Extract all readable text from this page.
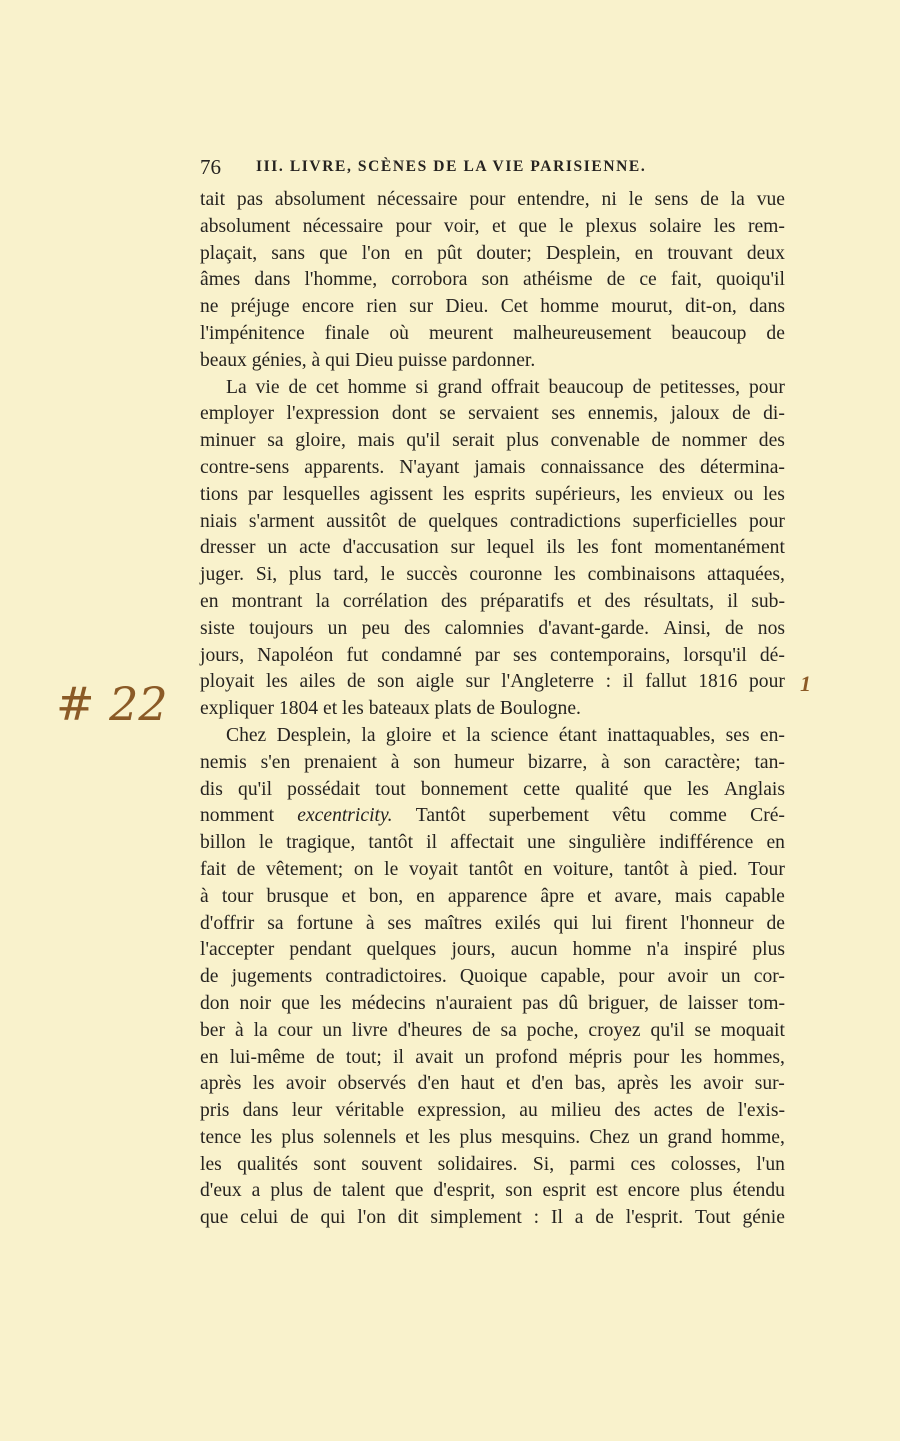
76 III. LIVRE, SCÈNES DE LA VIE PARISIENNE.
tait pas absolument nécessaire pour entendre, ni le sens de la vue
absolument nécessaire pour voir, et que le plexus solaire les rem-
plaçait, sans que l'on en pût douter; Desplein, en trouvant deux
âmes dans l'homme, corrobora son athéisme de ce fait, quoiqu'il
ne préjuge encore rien sur Dieu. Cet homme mourut, dit-on, dans
l'impénitence finale où meurent malheureusement beaucoup de
beaux génies, à qui Dieu puisse pardonner.
La vie de cet homme si grand offrait beaucoup de petitesses, pour
employer l'expression dont se servaient ses ennemis, jaloux de di-
minuer sa gloire, mais qu'il serait plus convenable de nommer des
contre-sens apparents. N'ayant jamais connaissance des détermina-
tions par lesquelles agissent les esprits supérieurs, les envieux ou les
niais s'arment aussitôt de quelques contradictions superficielles pour
dresser un acte d'accusation sur lequel ils les font momentanément
juger. Si, plus tard, le succès couronne les combinaisons attaquées,
en montrant la corrélation des préparatifs et des résultats, il sub-
siste toujours un peu des calomnies d'avant-garde. Ainsi, de nos
jours, Napoléon fut condamné par ses contemporains, lorsqu'il dé-
ployait les ailes de son aigle sur l'Angleterre : il fallut 1816 pour
expliquer 1804 et les bateaux plats de Boulogne.
Chez Desplein, la gloire et la science étant inattaquables, ses en-
nemis s'en prenaient à son humeur bizarre, à son caractère; tan-
dis qu'il possédait tout bonnement cette qualité que les Anglais
nomment excentricity. Tantôt superbement vêtu comme Cré-
billon le tragique, tantôt il affectait une singulière indifférence en
fait de vêtement; on le voyait tantôt en voiture, tantôt à pied. Tour
à tour brusque et bon, en apparence âpre et avare, mais capable
d'offrir sa fortune à ses maîtres exilés qui lui firent l'honneur de
l'accepter pendant quelques jours, aucun homme n'a inspiré plus
de jugements contradictoires. Quoique capable, pour avoir un cor-
don noir que les médecins n'auraient pas dû briguer, de laisser tom-
ber à la cour un livre d'heures de sa poche, croyez qu'il se moquait
en lui-même de tout; il avait un profond mépris pour les hommes,
après les avoir observés d'en haut et d'en bas, après les avoir sur-
pris dans leur véritable expression, au milieu des actes de l'exis-
tence les plus solennels et les plus mesquins. Chez un grand homme,
les qualités sont souvent solidaires. Si, parmi ces colosses, l'un
d'eux a plus de talent que d'esprit, son esprit est encore plus étendu
que celui de qui l'on dit simplement : Il a de l'esprit. Tout génie
# 22	1
